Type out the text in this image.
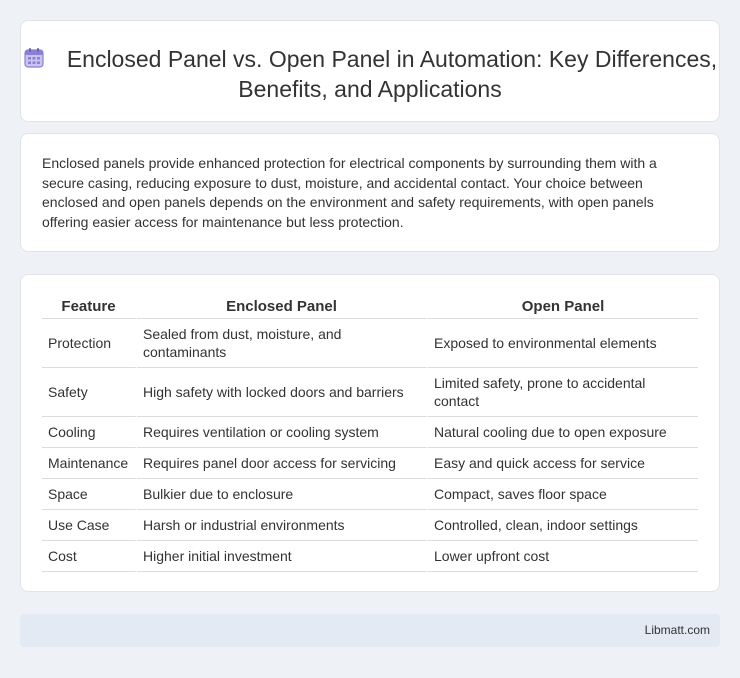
Enclosed Panel vs. Open Panel in Automation: Key Differences, Benefits, and Applications

Enclosed panels provide enhanced protection for electrical components by surrounding them with a secure casing, reducing exposure to dust, moisture, and accidental contact. Your choice between enclosed and open panels depends on the environment and safety requirements, with open panels offering easier access for maintenance but less protection.

Feature	Enclosed Panel	Open Panel
Protection	Sealed from dust, moisture, and contaminants	Exposed to environmental elements
Safety	High safety with locked doors and barriers	Limited safety, prone to accidental contact
Cooling	Requires ventilation or cooling system	Natural cooling due to open exposure
Maintenance	Requires panel door access for servicing	Easy and quick access for service
Space	Bulkier due to enclosure	Compact, saves floor space
Use Case	Harsh or industrial environments	Controlled, clean, indoor settings
Cost	Higher initial investment	Lower upfront cost
Libmatt.com
